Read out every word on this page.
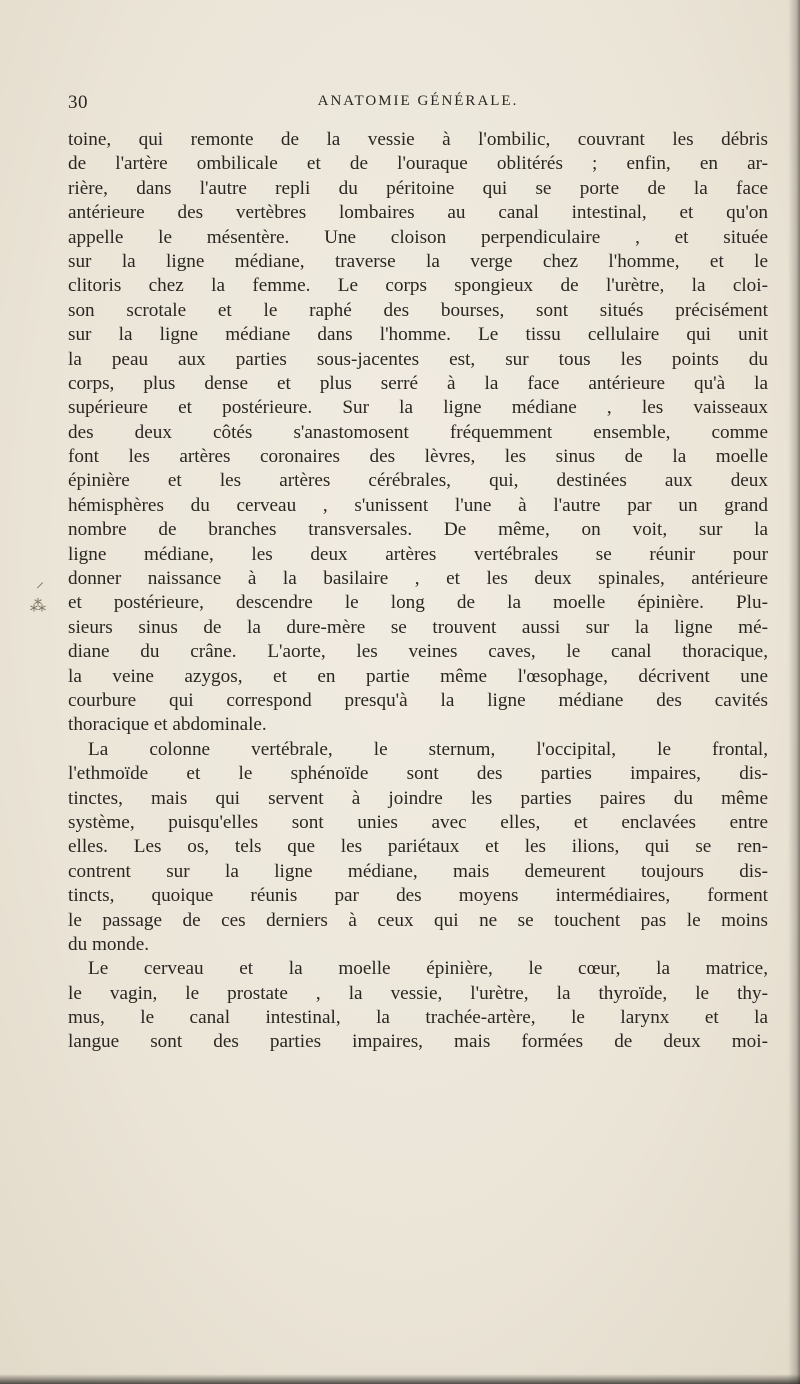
30	ANATOMIE GÉNÉRALE.
toine, qui remonte de la vessie à l'ombilic, couvrant les débris
de l'artère ombilicale et de l'ouraque oblitérés ; enfin, en ar-
rière, dans l'autre repli du péritoine qui se porte de la face
antérieure des vertèbres lombaires au canal intestinal, et qu'on
appelle le mésentère. Une cloison perpendiculaire , et située
sur la ligne médiane, traverse la verge chez l'homme, et le
clitoris chez la femme. Le corps spongieux de l'urètre, la cloi-
son scrotale et le raphé des bourses, sont situés précisément
sur la ligne médiane dans l'homme. Le tissu cellulaire qui unit
la peau aux parties sous-jacentes est, sur tous les points du
corps, plus dense et plus serré à la face antérieure qu'à la
supérieure et postérieure. Sur la ligne médiane , les vaisseaux
des deux côtés s'anastomosent fréquemment ensemble, comme
font les artères coronaires des lèvres, les sinus de la moelle
épinière et les artères cérébrales, qui, destinées aux deux
hémisphères du cerveau , s'unissent l'une à l'autre par un grand
nombre de branches transversales. De même, on voit, sur la
ligne médiane, les deux artères vertébrales se réunir pour
donner naissance à la basilaire , et les deux spinales, antérieure
et postérieure, descendre le long de la moelle épinière. Plu-
sieurs sinus de la dure-mère se trouvent aussi sur la ligne mé-
diane du crâne. L'aorte, les veines caves, le canal thoracique,
la veine azygos, et en partie même l'œsophage, décrivent une
courbure qui correspond presqu'à la ligne médiane des cavités
thoracique et abdominale.
La colonne vertébrale, le sternum, l'occipital, le frontal,
l'ethmoïde et le sphénoïde sont des parties impaires, dis-
tinctes, mais qui servent à joindre les parties paires du même
système, puisqu'elles sont unies avec elles, et enclavées entre
elles. Les os, tels que les pariétaux et les ilions, qui se ren-
contrent sur la ligne médiane, mais demeurent toujours dis-
tincts, quoique réunis par des moyens intermédiaires, forment
le passage de ces derniers à ceux qui ne se touchent pas le moins
du monde.
Le cerveau et la moelle épinière, le cœur, la matrice,
le vagin, le prostate , la vessie, l'urètre, la thyroïde, le thy-
mus, le canal intestinal, la trachée-artère, le larynx et la
langue sont des parties impaires, mais formées de deux moi-
⁂
⸝
